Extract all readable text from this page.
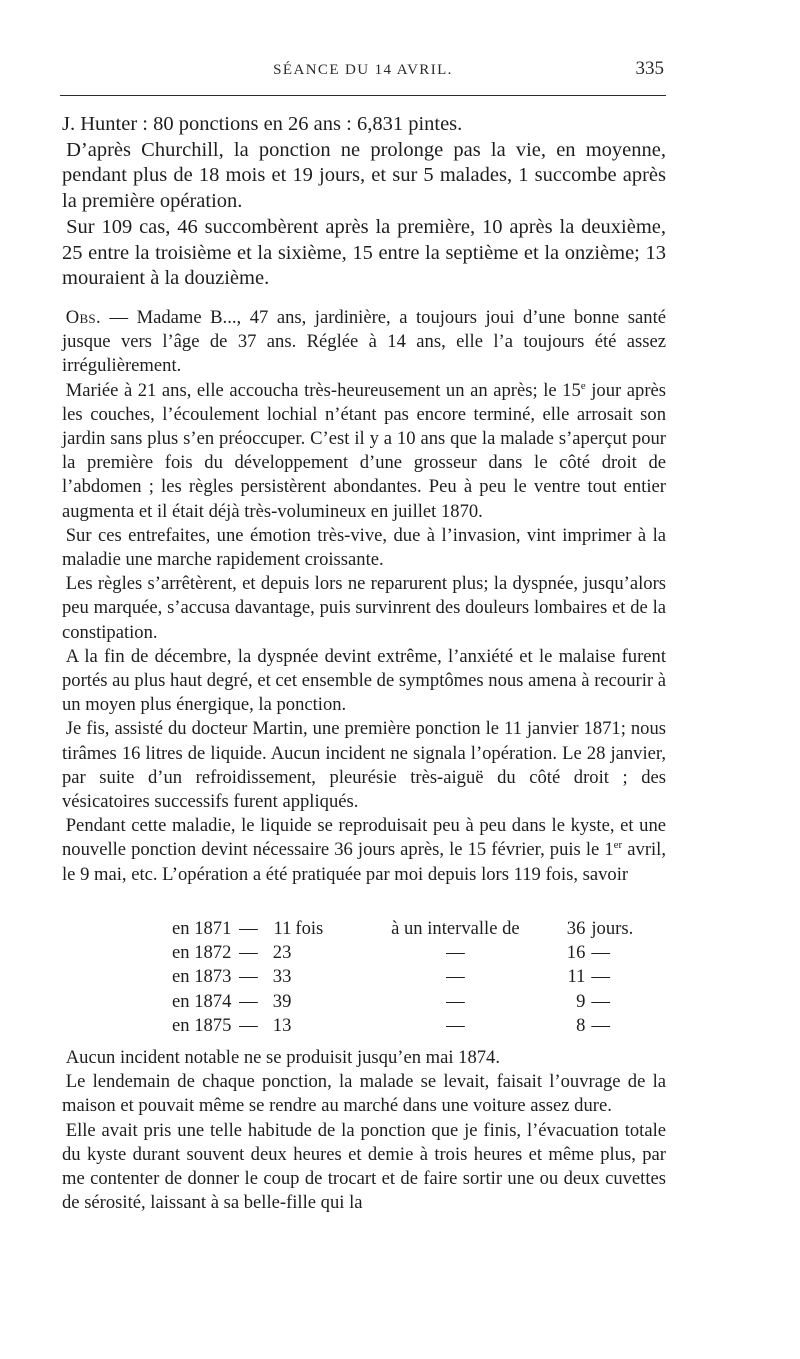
SÉANCE DU 14 AVRIL.	335

J. Hunter : 80 ponctions en 26 ans : 6,831 pintes.

D’après Churchill, la ponction ne prolonge pas la vie, en moyenne, pendant plus de 18 mois et 19 jours, et sur 5 malades, 1 succombe après la première opération.

Sur 109 cas, 46 succombèrent après la première, 10 après la deuxième, 25 entre la troisième et la sixième, 15 entre la septième et la onzième; 13 mouraient à la douzième.

Obs. — Madame B..., 47 ans, jardinière, a toujours joui d’une bonne santé jusque vers l’âge de 37 ans. Réglée à 14 ans, elle l’a toujours été assez irrégulièrement.

Mariée à 21 ans, elle accoucha très-heureusement un an après; le 15e jour après les couches, l’écoulement lochial n’étant pas encore terminé, elle arrosait son jardin sans plus s’en préoccuper. C’est il y a 10 ans que la malade s’aperçut pour la première fois du développement d’une grosseur dans le côté droit de l’abdomen ; les règles persistèrent abondantes. Peu à peu le ventre tout entier augmenta et il était déjà très-volumineux en juillet 1870.

Sur ces entrefaites, une émotion très-vive, due à l’invasion, vint imprimer à la maladie une marche rapidement croissante.

Les règles s’arrêtèrent, et depuis lors ne reparurent plus; la dyspnée, jusqu’alors peu marquée, s’accusa davantage, puis survinrent des douleurs lombaires et de la constipation.

A la fin de décembre, la dyspnée devint extrême, l’anxiété et le malaise furent portés au plus haut degré, et cet ensemble de symptômes nous amena à recourir à un moyen plus énergique, la ponction.

Je fis, assisté du docteur Martin, une première ponction le 11 janvier 1871; nous tirâmes 16 litres de liquide. Aucun incident ne signala l’opération. Le 28 janvier, par suite d’un refroidissement, pleurésie très-aiguë du côté droit ; des vésicatoires successifs furent appliqués.

Pendant cette maladie, le liquide se reproduisait peu à peu dans le kyste, et une nouvelle ponction devint nécessaire 36 jours après, le 15 février, puis le 1er avril, le 9 mai, etc. L’opération a été pratiquée par moi depuis lors 119 fois, savoir

en 1871	—	11	fois	à un intervalle de	36	jours.
en 1872	—	23		—	16	—
en 1873	—	33		—	11	—
en 1874	—	39		—	9	—
en 1875	—	13		—	8	—

Aucun incident notable ne se produisit jusqu’en mai 1874.

Le lendemain de chaque ponction, la malade se levait, faisait l’ouvrage de la maison et pouvait même se rendre au marché dans une voiture assez dure.

Elle avait pris une telle habitude de la ponction que je finis, l’évacuation totale du kyste durant souvent deux heures et demie à trois heures et même plus, par me contenter de donner le coup de trocart et de faire sortir une ou deux cuvettes de sérosité, laissant à sa belle-fille qui la
